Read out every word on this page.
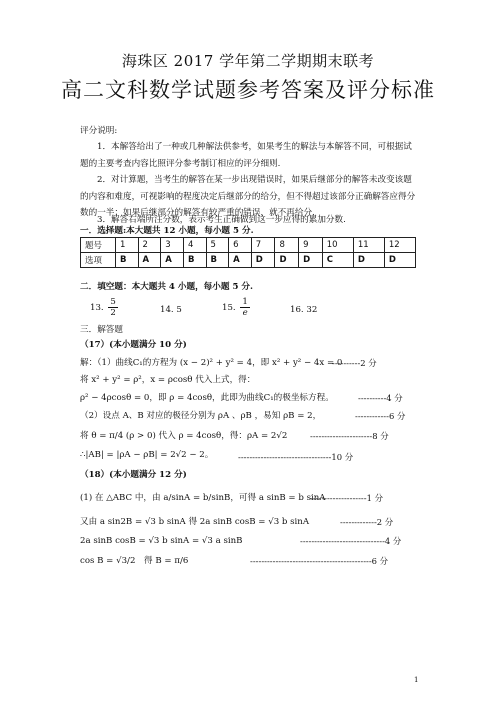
海珠区 2017 学年第二学期期末联考
高二文科数学试题参考答案及评分标准
评分说明:
1．本解答给出了一种或几种解法供参考，如果考生的解法与本解答不同，可根据试题的主要考查内容比照评分参考制订相应的评分细则.
2．对计算题，当考生的解答在某一步出现错误时，如果后继部分的解答未改变该题的内容和难度，可视影响的程度决定后继部分的给分，但不得超过该部分正确解答应得分数的一半；如果后继部分的解答有较严重的错误，就不再给分.
3．解答右端所注分数，表示考生正确做到这一步应得的累加分数.
一．选择题:本大题共 12 小题，每小题 5 分.
题号	1	2	3	4	5	6	7	8	9	10	11	12
选项	B	A	A	B	B	A	D	D	D	C	D	D
二．填空题：本大题共 4 小题，每小题 5 分.
13. $\frac{5}{2}$	14. 5	15. $\frac{1}{e}$	16. 32
三．解答题
（17）(本小题满分 10 分)
解：（1）曲线C₁的方程为 (x − 2)² + y² = 4，即 x² + y² − 4x = 0
----------2 分
将 x² + y² = ρ²，x = ρcosθ 代入上式，得：
ρ² − 4ρcosθ = 0，即 ρ = 4cosθ，此即为曲线C₁的极坐标方程。	----------4 分
（2）设点 A、B 对应的极径分别为 ρA 、ρB ，易知 ρB = 2，	------------6 分
将 θ = π/4 (ρ > 0) 代入 ρ = 4cosθ，得：ρA = 2√2	----------------------8 分
∴|AB| = |ρA − ρB| = 2√2 − 2。	---------------------------------10 分
（18）(本小题满分 12 分)
(1) 在 △ABC 中，由 a/sinA = b/sinB，可得 a sinB = b sinA
--------------------1 分
又由 a sin2B = √3 b sinA 得 2a sinB cosB = √3 b sinA	-------------2 分
2a sinB cosB = √3 b sinA = √3 a sinB	------------------------------4 分
cos B = √3/2　得 B = π/6	-------------------------------------------6 分
1
